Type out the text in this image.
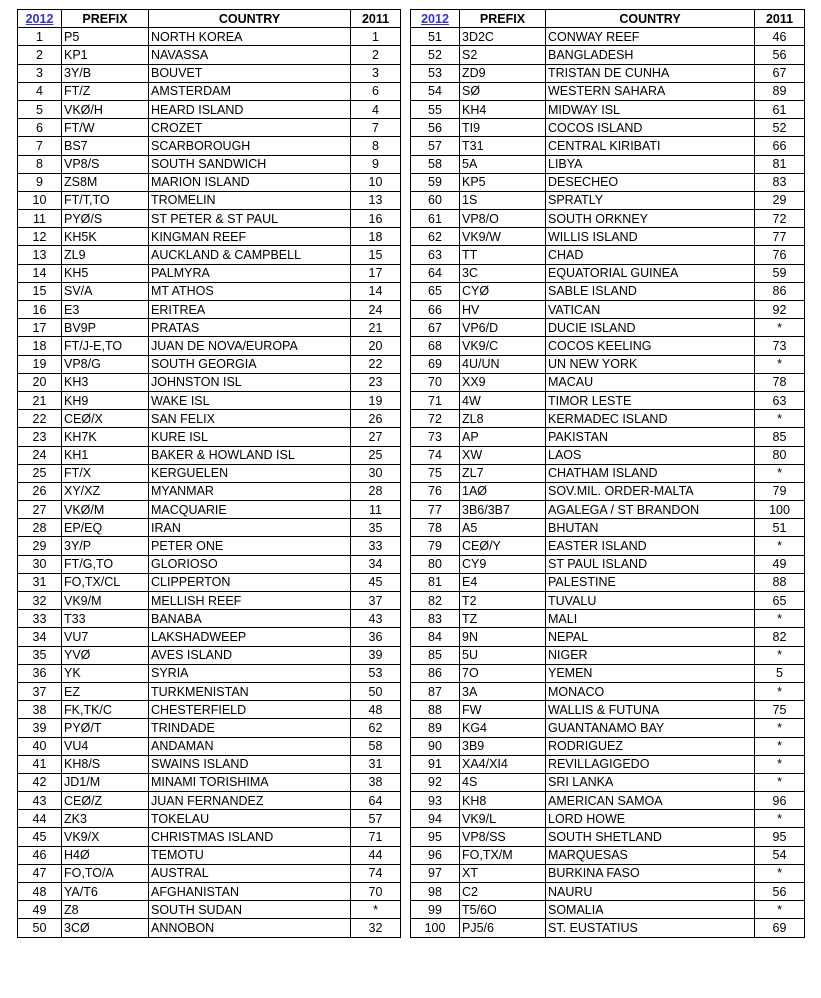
2012	PREFIX	COUNTRY	2011
1	P5	NORTH KOREA	1
2	KP1	NAVASSA	2
3	3Y/B	BOUVET	3
4	FT/Z	AMSTERDAM	6
5	VKØ/H	HEARD ISLAND	4
6	FT/W	CROZET	7
7	BS7	SCARBOROUGH	8
8	VP8/S	SOUTH SANDWICH	9
9	ZS8M	MARION ISLAND	10
10	FT/T,TO	TROMELIN	13
11	PYØ/S	ST PETER & ST PAUL	16
12	KH5K	KINGMAN REEF	18
13	ZL9	AUCKLAND & CAMPBELL	15
14	KH5	PALMYRA	17
15	SV/A	MT ATHOS	14
16	E3	ERITREA	24
17	BV9P	PRATAS	21
18	FT/J-E,TO	JUAN DE NOVA/EUROPA	20
19	VP8/G	SOUTH GEORGIA	22
20	KH3	JOHNSTON ISL	23
21	KH9	WAKE ISL	19
22	CEØ/X	SAN FELIX	26
23	KH7K	KURE ISL	27
24	KH1	BAKER & HOWLAND ISL	25
25	FT/X	KERGUELEN	30
26	XY/XZ	MYANMAR	28
27	VKØ/M	MACQUARIE	11
28	EP/EQ	IRAN	35
29	3Y/P	PETER ONE	33
30	FT/G,TO	GLORIOSO	34
31	FO,TX/CL	CLIPPERTON	45
32	VK9/M	MELLISH REEF	37
33	T33	BANABA	43
34	VU7	LAKSHADWEEP	36
35	YVØ	AVES ISLAND	39
36	YK	SYRIA	53
37	EZ	TURKMENISTAN	50
38	FK,TK/C	CHESTERFIELD	48
39	PYØ/T	TRINDADE	62
40	VU4	ANDAMAN	58
41	KH8/S	SWAINS ISLAND	31
42	JD1/M	MINAMI TORISHIMA	38
43	CEØ/Z	JUAN FERNANDEZ	64
44	ZK3	TOKELAU	57
45	VK9/X	CHRISTMAS ISLAND	71
46	H4Ø	TEMOTU	44
47	FO,TO/A	AUSTRAL	74
48	YA/T6	AFGHANISTAN	70
49	Z8	SOUTH SUDAN	*
50	3CØ	ANNOBON	32
2012	PREFIX	COUNTRY	2011
51	3D2C	CONWAY REEF	46
52	S2	BANGLADESH	56
53	ZD9	TRISTAN DE CUNHA	67
54	SØ	WESTERN SAHARA	89
55	KH4	MIDWAY ISL	61
56	TI9	COCOS ISLAND	52
57	T31	CENTRAL KIRIBATI	66
58	5A	LIBYA	81
59	KP5	DESECHEO	83
60	1S	SPRATLY	29
61	VP8/O	SOUTH ORKNEY	72
62	VK9/W	WILLIS ISLAND	77
63	TT	CHAD	76
64	3C	EQUATORIAL GUINEA	59
65	CYØ	SABLE ISLAND	86
66	HV	VATICAN	92
67	VP6/D	DUCIE ISLAND	*
68	VK9/C	COCOS KEELING	73
69	4U/UN	UN NEW YORK	*
70	XX9	MACAU	78
71	4W	TIMOR LESTE	63
72	ZL8	KERMADEC ISLAND	*
73	AP	PAKISTAN	85
74	XW	LAOS	80
75	ZL7	CHATHAM ISLAND	*
76	1AØ	SOV.MIL. ORDER-MALTA	79
77	3B6/3B7	AGALEGA / ST BRANDON	100
78	A5	BHUTAN	51
79	CEØ/Y	EASTER ISLAND	*
80	CY9	ST PAUL ISLAND	49
81	E4	PALESTINE	88
82	T2	TUVALU	65
83	TZ	MALI	*
84	9N	NEPAL	82
85	5U	NIGER	*
86	7O	YEMEN	5
87	3A	MONACO	*
88	FW	WALLIS & FUTUNA	75
89	KG4	GUANTANAMO BAY	*
90	3B9	RODRIGUEZ	*
91	XA4/XI4	REVILLAGIGEDO	*
92	4S	SRI LANKA	*
93	KH8	AMERICAN SAMOA	96
94	VK9/L	LORD HOWE	*
95	VP8/SS	SOUTH SHETLAND	95
96	FO,TX/M	MARQUESAS	54
97	XT	BURKINA FASO	*
98	C2	NAURU	56
99	T5/6O	SOMALIA	*
100	PJ5/6	ST. EUSTATIUS	69
